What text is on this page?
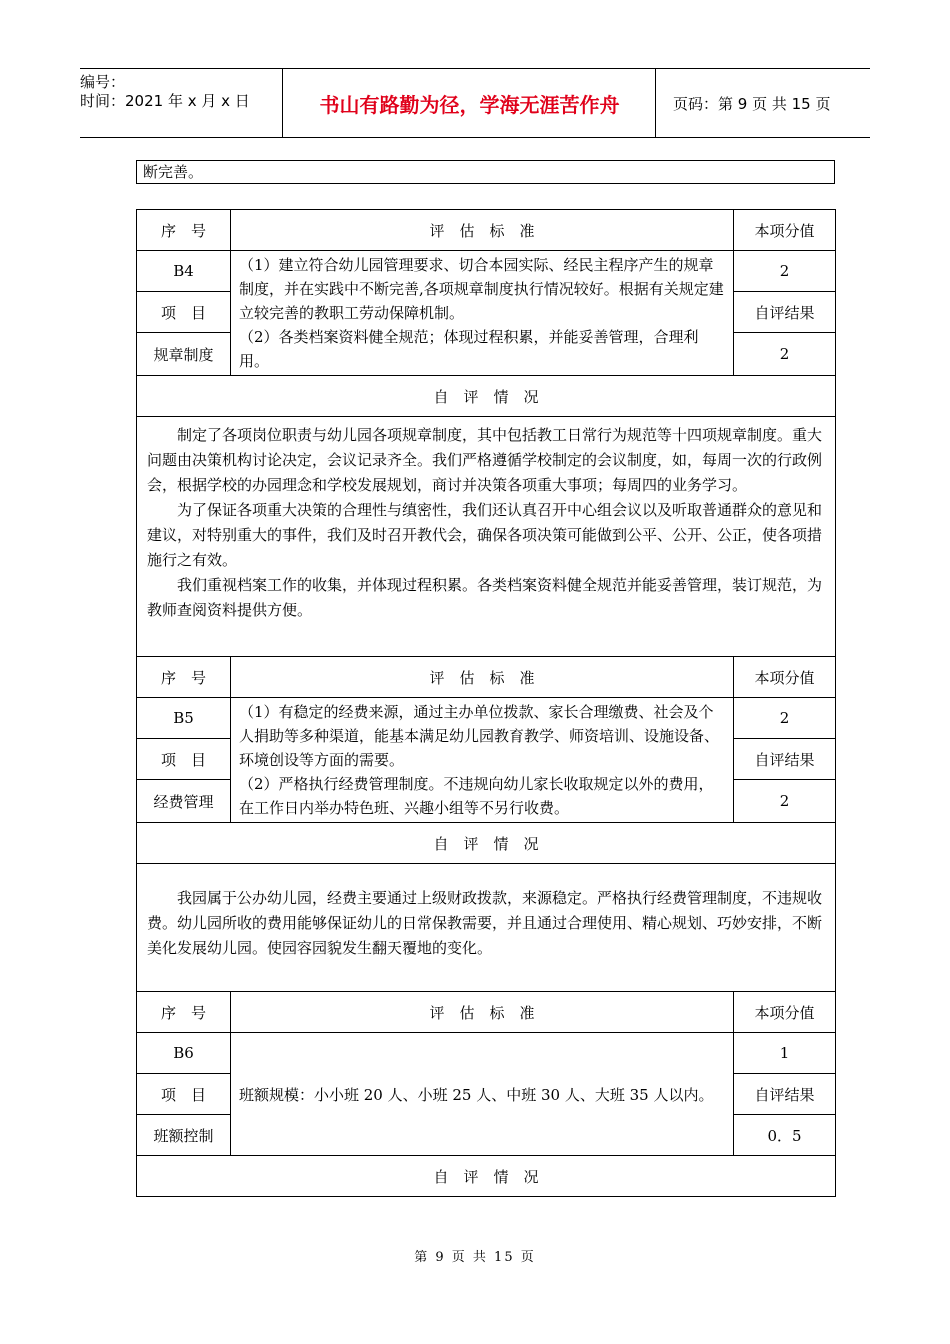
编号：
时间：2021 年 x 月 x 日	书山有路勤为径，学海无涯苦作舟	页码：第 9 页 共 15 页
断完善。
序　号	评　估　标　准	本项分值
B4	（1）建立符合幼儿园管理要求、切合本园实际、经民主程序产生的规章制度，并在实践中不断完善,各项规章制度执行情况较好。根据有关规定建立较完善的教职工劳动保障机制。
（2）各类档案资料健全规范；体现过程积累，并能妥善管理，合理利用。	2
项　目		自评结果
规章制度		2
自　评　情　况		

制定了各项岗位职责与幼儿园各项规章制度，其中包括教工日常行为规范等十四项规章制度。重大问题由决策机构讨论决定，会议记录齐全。我们严格遵循学校制定的会议制度，如，每周一次的行政例会，根据学校的办园理念和学校发展规划，商讨并决策各项重大事项；每周四的业务学习。

为了保证各项重大决策的合理性与缜密性，我们还认真召开中心组会议以及听取普通群众的意见和建议，对特别重大的事件，我们及时召开教代会，确保各项决策可能做到公平、公开、公正，使各项措施行之有效。

我们重视档案工作的收集，并体现过程积累。各类档案资料健全规范并能妥善管理，装订规范，为教师查阅资料提供方便。		

序　号	评　估　标　准	本项分值
B5	（1）有稳定的经费来源，通过主办单位拨款、家长合理缴费、社会及个人捐助等多种渠道，能基本满足幼儿园教育教学、师资培训、设施设备、环境创设等方面的需要。
（2）严格执行经费管理制度。不违规向幼儿家长收取规定以外的费用，在工作日内举办特色班、兴趣小组等不另行收费。	2
项　目		自评结果
经费管理		2
自　评　情　况		

我园属于公办幼儿园，经费主要通过上级财政拨款，来源稳定。严格执行经费管理制度，不违规收费。幼儿园所收的费用能够保证幼儿的日常保教需要，并且通过合理使用、精心规划、巧妙安排，不断美化发展幼儿园。使园容园貌发生翻天覆地的变化。		

序　号	评　估　标　准	本项分值
B6	班额规模：小小班 20 人、小班 25 人、中班 30 人、大班 35 人以内。	1
项　目		自评结果
班额控制		0．5
自　评　情　况		
第 9 页 共 15 页
